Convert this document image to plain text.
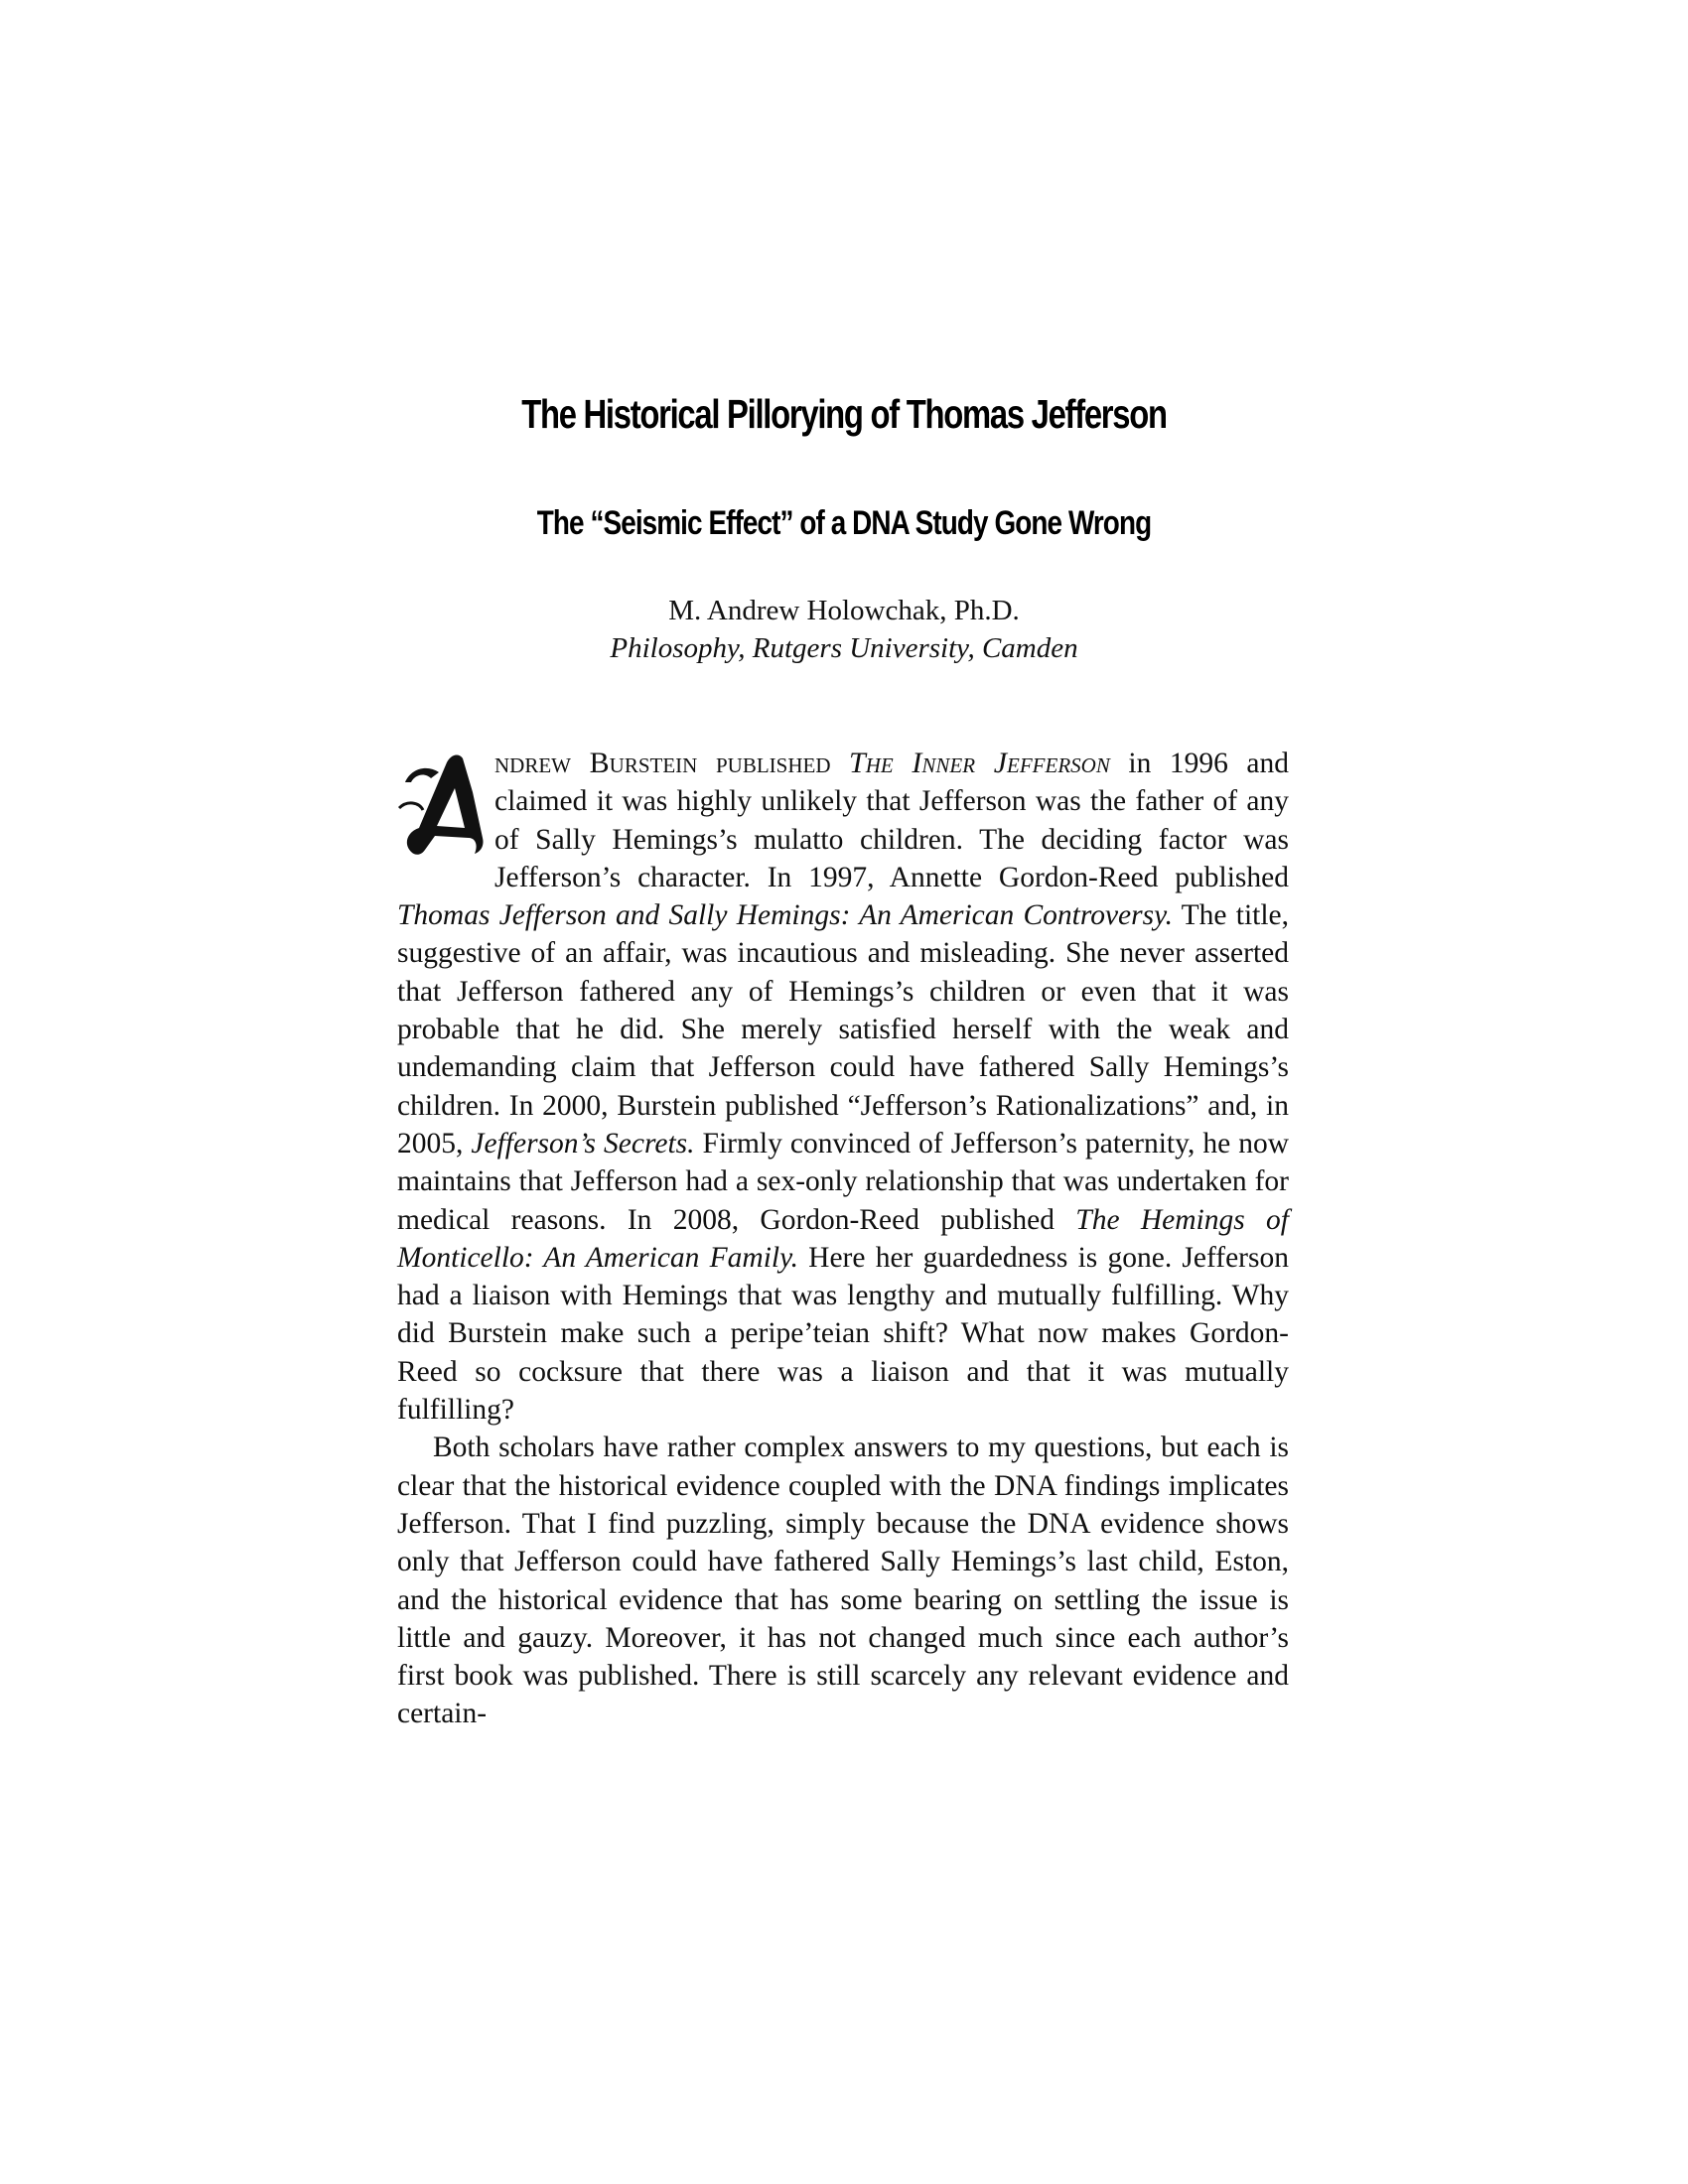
The Historical Pillorying of Thomas Jefferson
The “Seismic Effect” of a DNA Study Gone Wrong
M. Andrew Holowchak, Ph.D.
Philosophy, Rutgers University, Camden

ndrew Burstein published The Inner Jefferson in 1996 and claimed it was highly unlikely that Jefferson was the father of any of Sally Hemings’s mulatto children. The deciding factor was Jefferson’s character. In 1997, Annette Gordon-Reed published Thomas Jefferson and Sally Hemings: An American Controversy. The title, suggestive of an affair, was incautious and misleading. She never asserted that Jefferson fathered any of Hemings’s children or even that it was probable that he did. She merely satisfied herself with the weak and undemanding claim that Jefferson could have fathered Sally Hemings’s children. In 2000, Burstein published “Jefferson’s Rationalizations” and, in 2005, Jefferson’s Secrets. Firmly convinced of Jefferson’s paternity, he now maintains that Jefferson had a sex-only relationship that was undertaken for medical reasons. In 2008, Gordon-Reed published The Hemings of Monticello: An American Family. Here her guardedness is gone. Jefferson had a liaison with Hemings that was lengthy and mutually fulfilling. Why did Burstein make such a peripe’teian shift? What now makes Gordon-Reed so cocksure that there was a liaison and that it was mutually fulfilling?

Both scholars have rather complex answers to my questions, but each is clear that the historical evidence coupled with the DNA findings implicates Jefferson. That I find puzzling, simply because the DNA evidence shows only that Jefferson could have fathered Sally Hemings’s last child, Eston, and the historical evidence that has some bearing on settling the issue is little and gauzy. Moreover, it has not changed much since each author’s first book was published. There is still scarcely any relevant evidence and certain-
